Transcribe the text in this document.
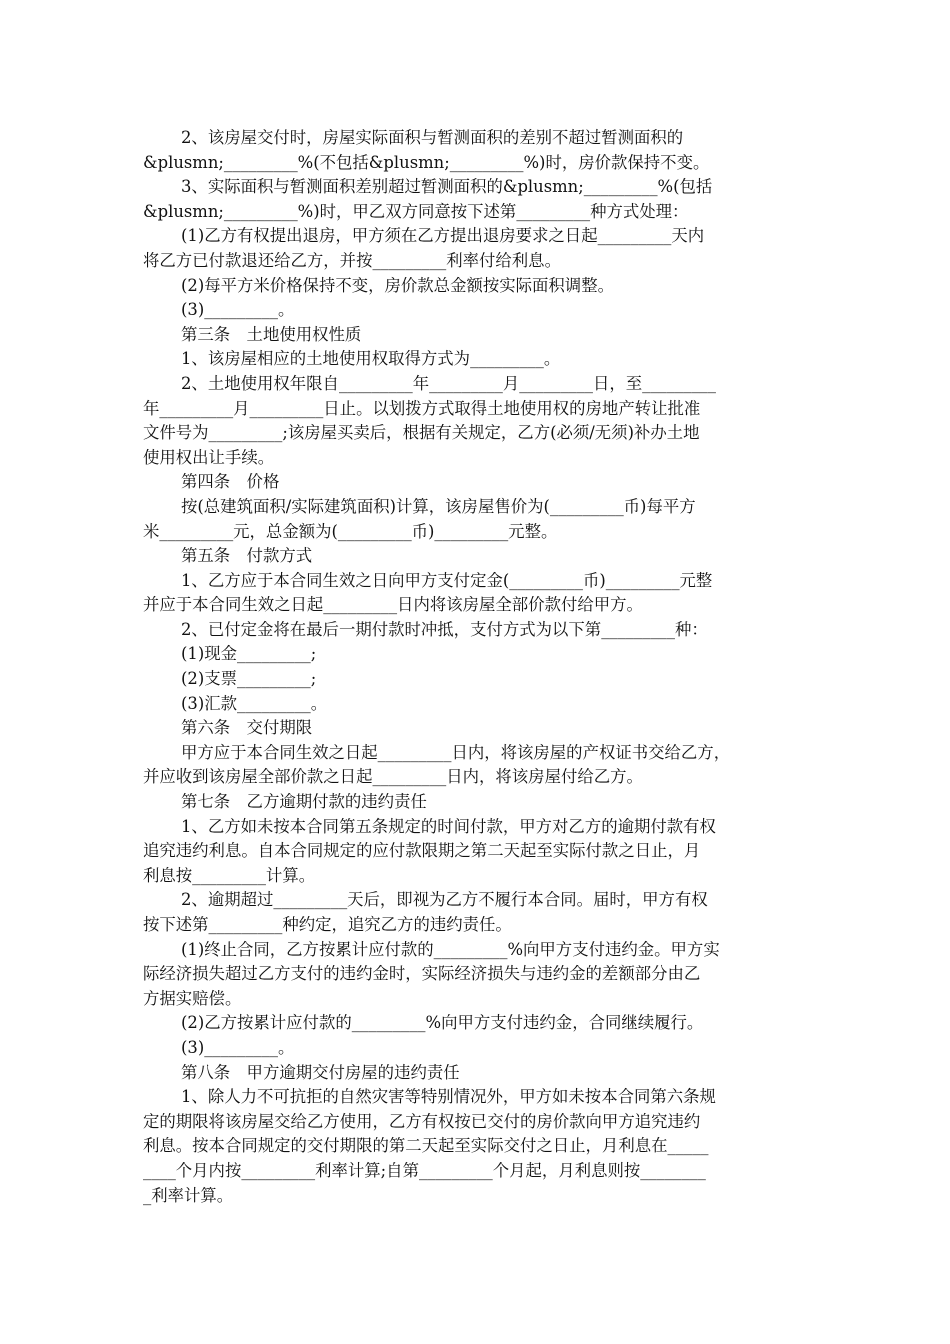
2、该房屋交付时，房屋实际面积与暂测面积的差别不超过暂测面积的
&plusmn;_________%(不包括&plusmn;_________%)时，房价款保持不变。
3、实际面积与暂测面积差别超过暂测面积的&plusmn;_________%(包括
&plusmn;_________%)时，甲乙双方同意按下述第_________种方式处理：
(1)乙方有权提出退房，甲方须在乙方提出退房要求之日起_________天内
将乙方已付款退还给乙方，并按_________利率付给利息。
(2)每平方米价格保持不变，房价款总金额按实际面积调整。
(3)_________。
第三条　土地使用权性质
1、该房屋相应的土地使用权取得方式为_________。
2、土地使用权年限自_________年_________月_________日，至_________
年_________月_________日止。以划拨方式取得土地使用权的房地产转让批准
文件号为_________;该房屋买卖后，根据有关规定，乙方(必须/无须)补办土地
使用权出让手续。
第四条　价格
按(总建筑面积/实际建筑面积)计算，该房屋售价为(_________币)每平方
米_________元，总金额为(_________币)_________元整。
第五条　付款方式
1、乙方应于本合同生效之日向甲方支付定金(_________币)_________元整
并应于本合同生效之日起_________日内将该房屋全部价款付给甲方。
2、已付定金将在最后一期付款时冲抵，支付方式为以下第_________种：
(1)现金_________;
(2)支票_________;
(3)汇款_________。
第六条　交付期限
甲方应于本合同生效之日起_________日内，将该房屋的产权证书交给乙方，
并应收到该房屋全部价款之日起_________日内，将该房屋付给乙方。
第七条　乙方逾期付款的违约责任
1、乙方如未按本合同第五条规定的时间付款，甲方对乙方的逾期付款有权
追究违约利息。自本合同规定的应付款限期之第二天起至实际付款之日止，月
利息按_________计算。
2、逾期超过_________天后，即视为乙方不履行本合同。届时，甲方有权
按下述第_________种约定，追究乙方的违约责任。
(1)终止合同，乙方按累计应付款的_________%向甲方支付违约金。甲方实
际经济损失超过乙方支付的违约金时，实际经济损失与违约金的差额部分由乙
方据实赔偿。
(2)乙方按累计应付款的_________%向甲方支付违约金，合同继续履行。
(3)_________。
第八条　甲方逾期交付房屋的违约责任
1、除人力不可抗拒的自然灾害等特别情况外，甲方如未按本合同第六条规
定的期限将该房屋交给乙方使用，乙方有权按已交付的房价款向甲方追究违约
利息。按本合同规定的交付期限的第二天起至实际交付之日止，月利息在_____
____个月内按_________利率计算;自第_________个月起，月利息则按________
_利率计算。
